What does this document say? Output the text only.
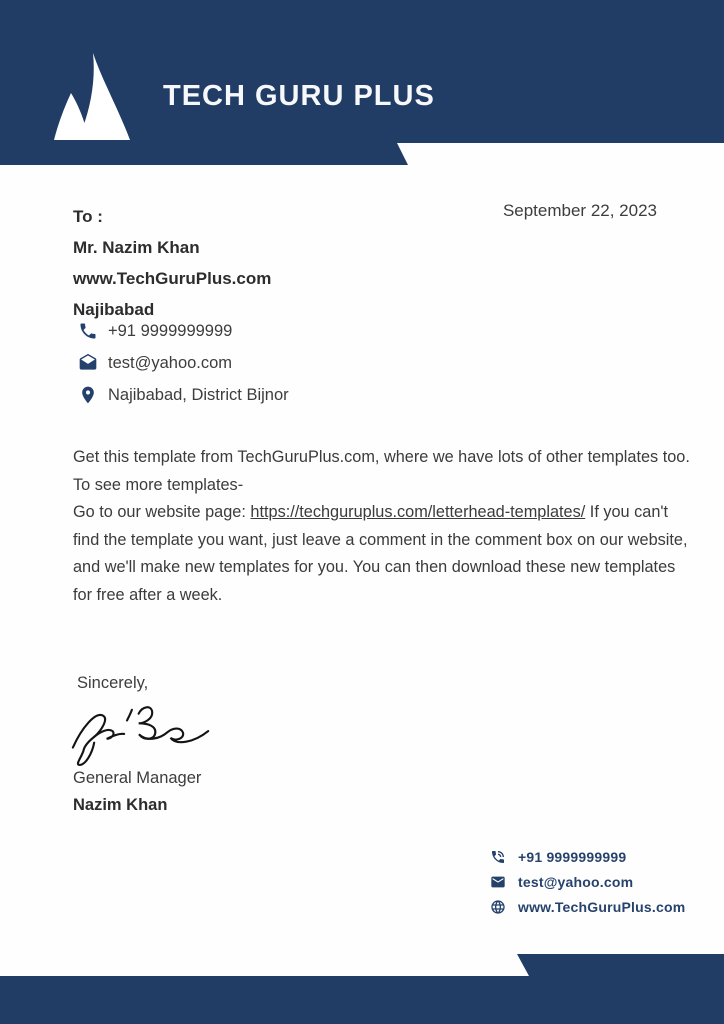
TECH GURU PLUS
September 22, 2023
To :
Mr. Nazim Khan
www.TechGuruPlus.com
Najibabad
+91 9999999999
test@yahoo.com
Najibabad, District Bijnor

Get this template from TechGuruPlus.com, where we have lots of other templates too.
To see more templates-
Go to our website page: https://techguruplus.com/letterhead-templates/ If you can't find the template you want, just leave a comment in the comment box on our website, and we'll make new templates for you. You can then download these new templates for free after a week.

Sincerely,
General Manager
Nazim Khan
+91 9999999999
test@yahoo.com
www.TechGuruPlus.com
